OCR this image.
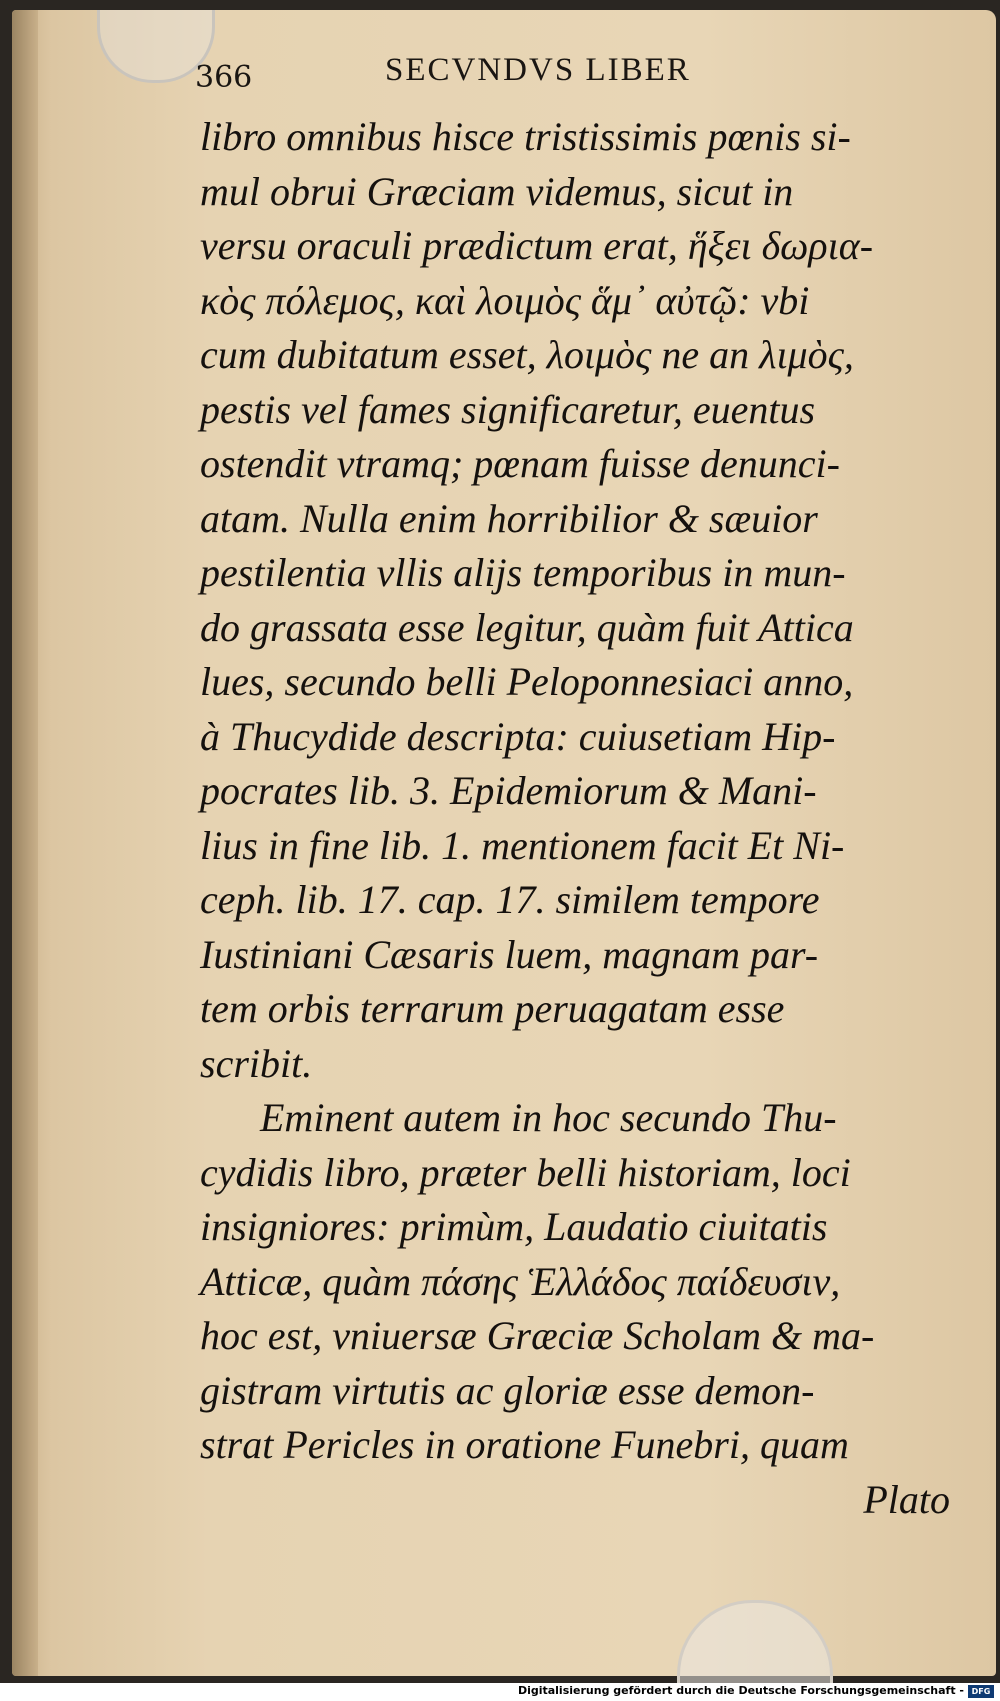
366	SECVNDVS LIBER
libro omnibus hisce tristissimis pœnis si-
mul obrui Græciam videmus, sicut in
versu oraculi prædictum erat, ἥξει δωρια-
κὸς πόλεμος, καὶ λοιμὸς ἅμ᾽ αὐτῷ: vbi
cum dubitatum esset, λοιμὸς ne an λιμὸς,
pestis vel fames significaretur, euentus
ostendit vtramq; pœnam fuisse denunci-
atam. Nulla enim horribilior & sæuior
pestilentia vllis alijs temporibus in mun-
do grassata esse legitur, quàm fuit Attica
lues, secundo belli Peloponnesiaci anno,
à Thucydide descripta: cuiusetiam Hip-
pocrates lib. 3. Epidemiorum & Mani-
lius in fine lib. 1. mentionem facit Et Ni-
ceph. lib. 17. cap. 17. similem tempore
Iustiniani Cæsaris luem, magnam par-
tem orbis terrarum peruagatam esse
scribit.
Eminent autem in hoc secundo Thu-
cydidis libro, præter belli historiam, loci
insigniores: primùm, Laudatio ciuitatis
Atticæ, quàm πάσης Ἑλλάδος παίδευσιν,
hoc est, vniuersæ Græciæ Scholam & ma-
gistram virtutis ac gloriæ esse demon-
strat Pericles in oratione Funebri, quam
Plato
Digitalisierung gefördert durch die Deutsche Forschungsgemeinschaft - DFG
